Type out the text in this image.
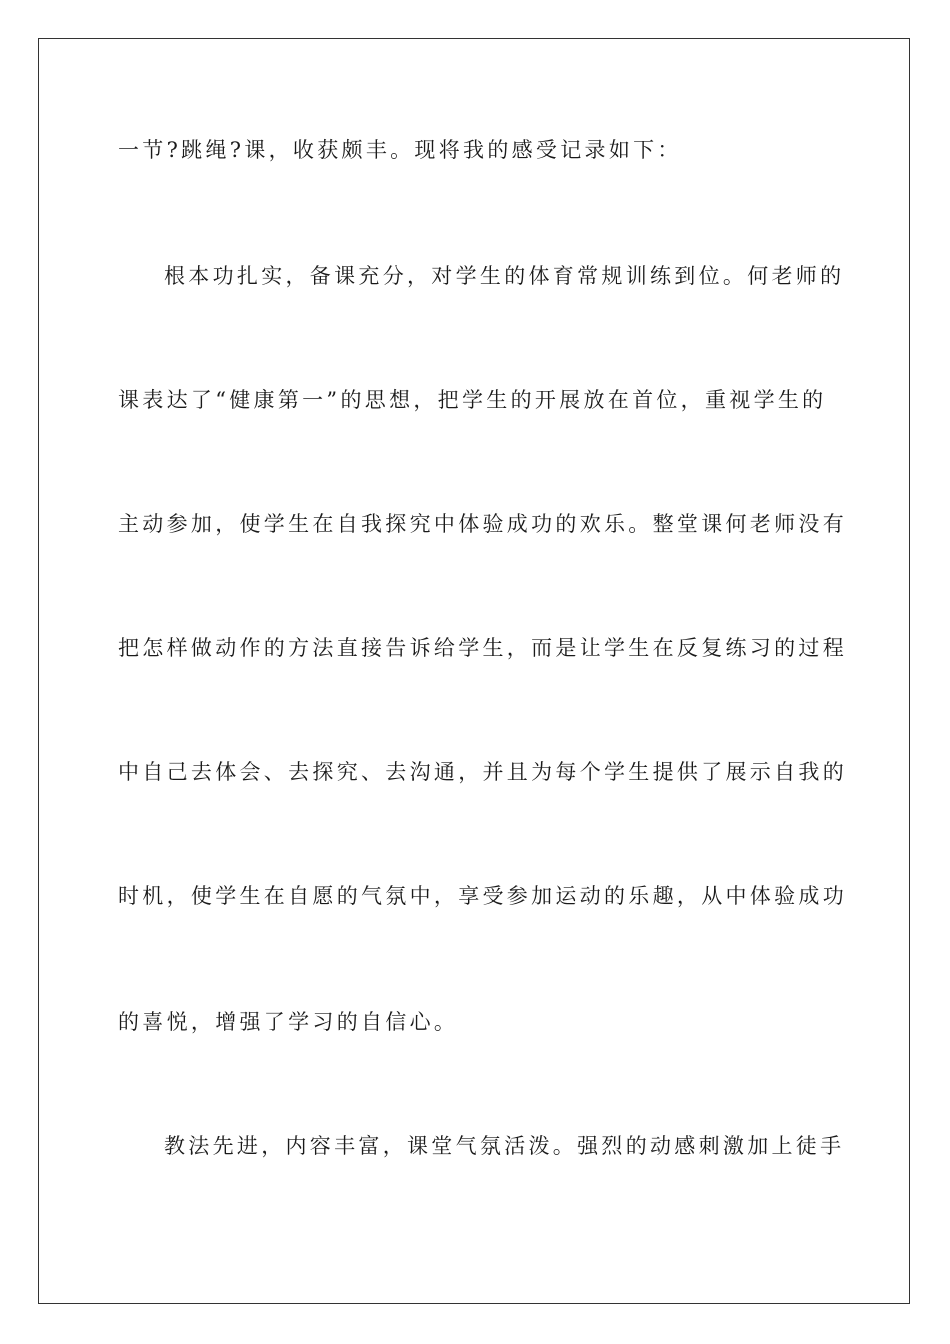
一节?跳绳?课，收获颇丰。现将我的感受记录如下：
根本功扎实，备课充分，对学生的体育常规训练到位。何老师的
课表达了“健康第一”的思想，把学生的开展放在首位，重视学生的
主动参加，使学生在自我探究中体验成功的欢乐。整堂课何老师没有
把怎样做动作的方法直接告诉给学生，而是让学生在反复练习的过程
中自己去体会、去探究、去沟通，并且为每个学生提供了展示自我的
时机，使学生在自愿的气氛中，享受参加运动的乐趣，从中体验成功
的喜悦，增强了学习的自信心。
教法先进，内容丰富，课堂气氛活泼。强烈的动感刺激加上徒手
